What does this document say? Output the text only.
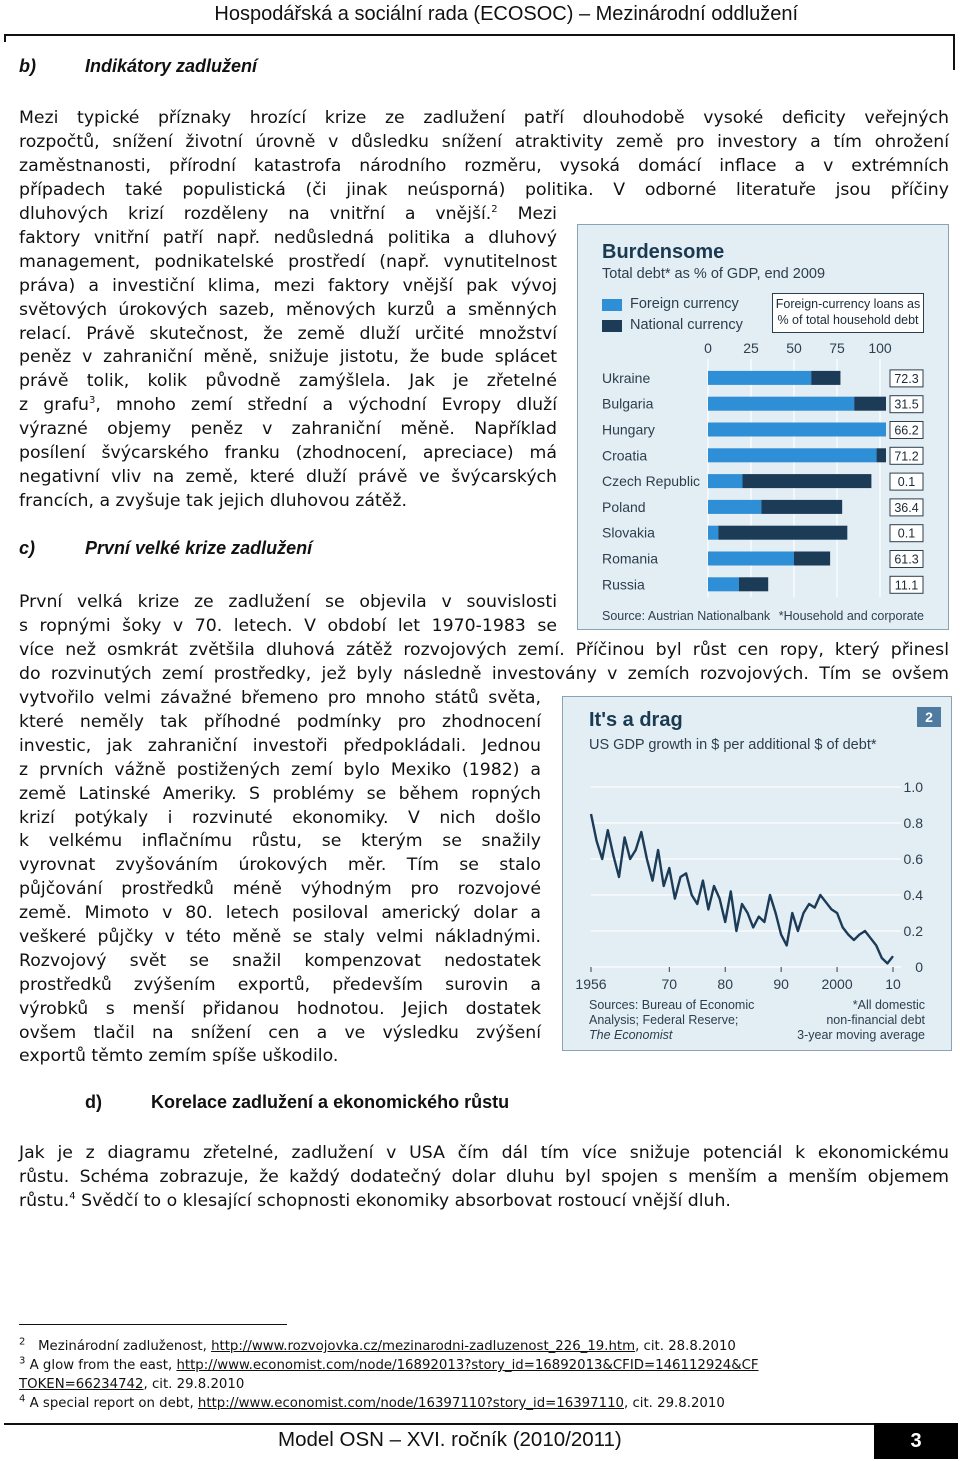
Hospodářská a sociální rada (ECOSOC) – Mezinárodní oddlužení
b)	Indikátory zadlužení
Mezi typické příznaky hrozící krize ze zadlužení patří dlouhodobě vysoké deficity veřejných
rozpočtů, snížení životní úrovně v důsledku snížení atraktivity země pro investory a tím ohrožení
zaměstnanosti, přírodní katastrofa národního rozměru, vysoká domácí inflace a v extrémních
případech také populistická (či jinak neúsporná) politika. V odborné literatuře jsou příčiny
dluhových krizí rozděleny na vnitřní a vnější.$^2$ Mezi
faktory vnitřní patří např. nedůsledná politika a dluhový
management, podnikatelské prostředí (např. vynutitelnost
práva) a investiční klima, mezi faktory vnější pak vývoj
světových úrokových sazeb, měnových kurzů a směnných
relací. Právě skutečnost, že země dluží určité množství
peněz v zahraniční měně, snižuje jistotu, že bude splácet
právě tolik, kolik původně zamýšlela. Jak je zřetelné
z grafu$^3$, mnoho zemí střední a východní Evropy dluží
výrazné objemy peněz v zahraniční měně. Například
posílení švýcarského franku (zhodnocení, apreciace) má
negativní vliv na země, které dluží právě ve švýcarských
francích, a zvyšuje tak jejich dluhovou zátěž.
Burdensome
Total debt* as % of GDP, end 2009
Foreign currency
National currency
Foreign-currency loans as
% of total household debt
0 25 50 75 100
Ukraine	72.3
Bulgaria	31.5
Hungary	66.2
Croatia	71.2
Czech Republic	0.1
Poland	36.4
Slovakia	0.1
Romania	61.3
Russia	11.1
Source: Austrian Nationalbank *Household and corporate
c)	První velké krize zadlužení
První velká krize ze zadlužení se objevila v souvislosti
s ropnými šoky v 70. letech. V období let 1970-1983 se
více než osmkrát zvětšila dluhová zátěž rozvojových zemí. Příčinou byl růst cen ropy, který přinesl
do rozvinutých zemí prostředky, jež byly následně investovány v zemích rozvojových. Tím se ovšem
vytvořilo velmi závažné břemeno pro mnoho států světa,
které neměly tak příhodné podmínky pro zhodnocení
investic, jak zahraniční investoři předpokládali. Jednou
z prvních vážně postižených zemí bylo Mexiko (1982) a
země Latinské Ameriky. S problémy se během ropných
krizí potýkaly i rozvinuté ekonomiky. V nich došlo
k velkému inflačnímu růstu, se kterým se snažily
vyrovnat zvyšováním úrokových měr. Tím se stalo
půjčování prostředků méně výhodným pro rozvojové
země. Mimoto v 80. letech posiloval americký dolar a
veškeré půjčky v této měně se staly velmi nákladnými.
Rozvojový svět se snažil kompenzovat nedostatek
prostředků zvýšením exportů, především surovin a
výrobků s menší přidanou hodnotou. Jejich dostatek
ovšem tlačil na snížení cen a ve výsledku zvýšení
exportů těmto zemím spíše uškodilo.
2
It's a drag
US GDP growth in $ per additional $ of debt*
1.0
0.8
0.6
0.4
0.2
0
1956	70	80	90 2000 10
Sources: Bureau of Economic
Analysis; Federal Reserve;
The Economist
*All domestic
non-financial debt
3-year moving average
d)	Korelace zadlužení a ekonomického růstu
Jak je z diagramu zřetelné, zadlužení v USA čím dál tím více snižuje potenciál k ekonomickému
růstu. Schéma zobrazuje, že každý dodatečný dolar dluhu byl spojen s menším a menším objemem
růstu.$^4$ Svědčí to o klesající schopnosti ekonomiky absorbovat rostoucí vnější dluh.
$^2$ Mezinárodní zadluženost, http://www.rozvojovka.cz/mezinarodni-zadluzenost_226_19.htm, cit. 28.8.2010
$^3$ A glow from the east, http://www.economist.com/node/16892013?story_id=16892013&CFID=146112924&CF
TOKEN=66234742, cit. 29.8.2010
$^4$ A special report on debt, http://www.economist.com/node/16397110?story_id=16397110, cit. 29.8.2010
Model OSN – XVI. ročník (2010/2011)	3
